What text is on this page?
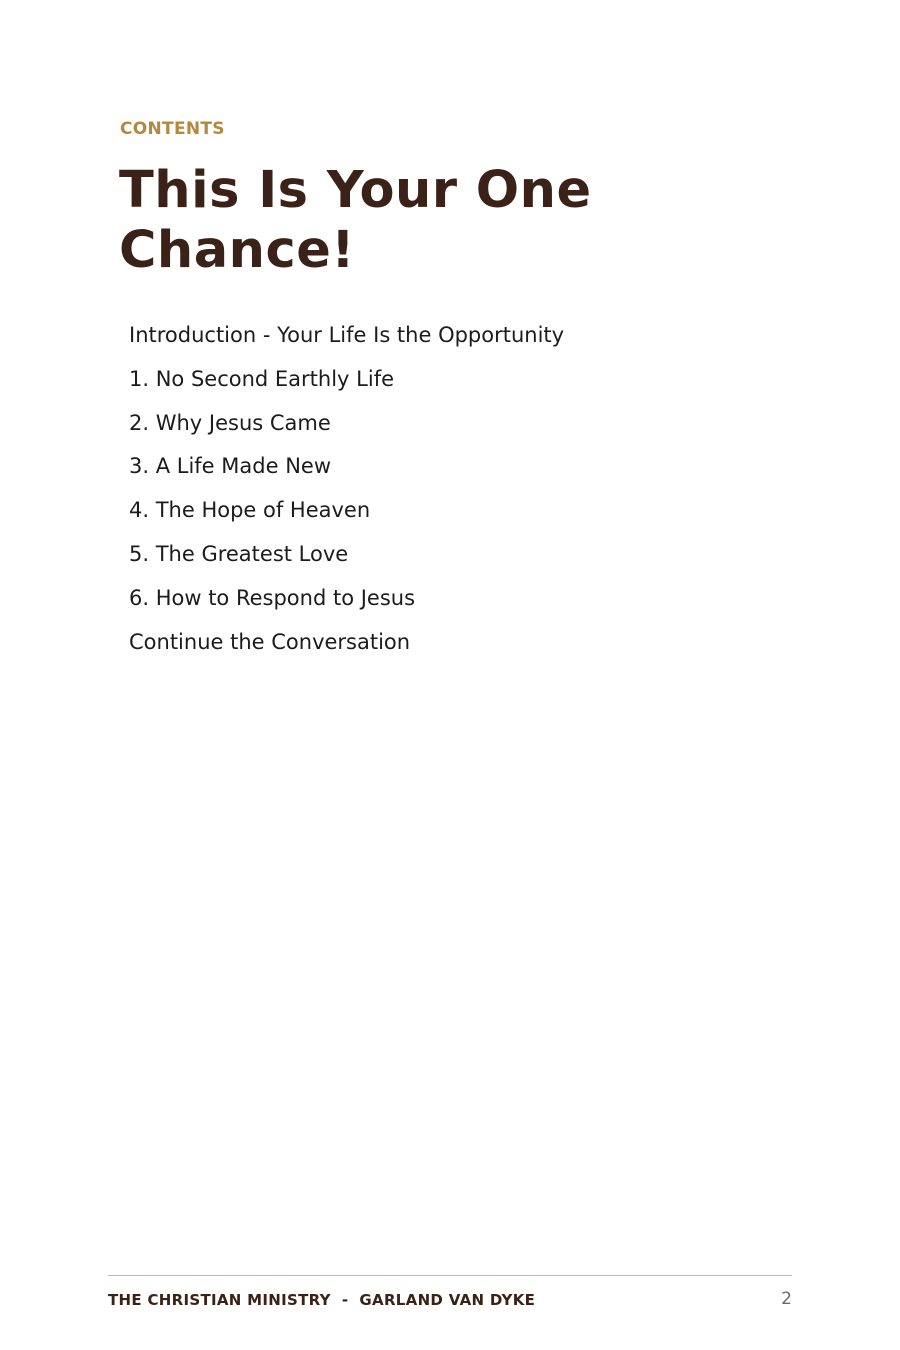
CONTENTS
This Is Your One Chance!
Introduction - Your Life Is the Opportunity
1. No Second Earthly Life
2. Why Jesus Came
3. A Life Made New
4. The Hope of Heaven
5. The Greatest Love
6. How to Respond to Jesus
Continue the Conversation
THE CHRISTIAN MINISTRY  -  GARLAND VAN DYKE	2
